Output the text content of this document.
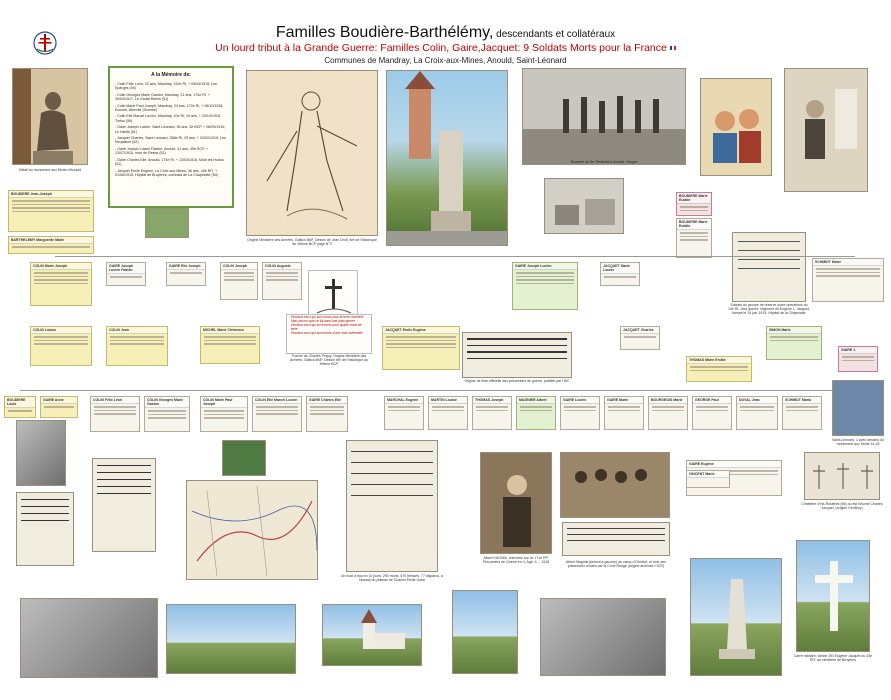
Familles Boudière-Barthélémy, descendants et collatéraux
Un lourd tribut à la Grande Guerre: Familles Colin, Gaire,Jacquet: 9 Soldats Morts pour la France
Communes de Mandray, La Croix-aux-Mines, Anould, Saint-Léonard
Détail du monument aux Morts d'Anould
A la Mémoire de:
- Colin Félix Léon, 22 ans, Mandray, 152e RI, + 09/04/1915, Les Eparges (55)
- Colin Georges Marie Gaston, Mandray, 21 ans, 170e RI, + 30/04/1917, Le Godat Reims (51)
- Colin Marie Paul Joseph, Mandray, 24 ans, 172e RI, + 05/10/1918, Ecuires, Abeville (Somme)
- Colin Elie Marcel Lucien, Mandray, 10e RI, 19 ans, + 20/10/1918, Torfou (59)
- Gaire Joseph Lucien, Saint Leonard, 36 ans, 3e BCP, + 06/09/1915, Le Hartla (51)
- Jacquet Charles, Saint Leonard, 358e RI, 29 ans, + 02/02/1915, Les Neuplaine (62)
- Gaire Joseph Lucien Fabien, Anould, 41 ans, 49e RCP, + 13/07/1915, mort de Reims (52)
- Gaire Charles Elie, Anould, 174e RI, + 13/03/1915, Mold les Hurlus (51)
- Jacquet Emile Eugène, La Croix aux Mines, 36 ans, 43e RIT, + 21/06/1915, Hôpital de Bruyères, combats de La Chapelotte (54)
Origine Ministère des Armées, Gallica BNF, Dessin de Jean Droit, tiré de l'historique du 49ème BCP page N°3
Souvenir du 3e Territorial à Anould, Vosges
BOUDIERE Jean-Joseph
BARTHELEMY Marguerite Marie
BOUDIERE Marie Eulalie
BOUDIERE Marie Eulalie
Soldats du groupe de réserve ordre opérations du 10e RI, 1ère guerre, régiment de Eugène L. Jacquet, blessé le 14 juin 1915, Hôpital de la Chapelotte
SCHMIDT Marie
COLIN Marie Joseph	COLIN Joseph	COLIN Auguste	GAIRE Joseph Lucien
Heureux ceux qui sont morts pour la terre charnelle
Mais pourvu que ce fût dans une juste guerre
Heureux ceux qui sont morts pour quatre coins de terre
Heureux ceux qui sont morts d'une mort solennelle
Poème de Charles Péguy. Origine Ministère des Armées. Gallica BNF. Dessin tiré de l'historique du 49ème BCP
JACQUET Emile Eugène
Origine de liste officielle des prisonniers de guerre, publiée par l'ISC
COLIN Louise	COLIN Jean	MICHEL Marie Clémence
THOMAS Marie Emilie
SIMON Marie
GAIRE J.
BOUDIERE Louis
GAIRE Anne	COLIN Félix Léon	COLIN Georges Marie Gaston
COLIN Marie Paul Joseph
COLIN Elie Marcel Lucien	GAIRE Charles Elie	MARCHAL Eugène	MARTIN Louise	THOMAS Joseph	MAGNIER Albert	GAIRE Lucien	GAIRE Marie	BOURGEOIS Marie	GEORGE Paul	DUVAL Jean
Saint-Léonard, 1 avec dessins du monument aux Morts 14-18
Un bout d'eau en 10 jours, 290 morts, 670 blessés. 77 disparus, à l'assaut du plateau de Charles Emile Gaire
Albert KAGNIA, cherchez sur ce 171e RP, Prisonniers de Guerre en 4, Age: 4 ... 1918	Albert Magnier(debout à gauche) au camp d'Ohrdruf, et trois des prisonniers choisis par la Croix Rouge (origine archives CICR)
GAIRE Eugène
VINCENT Marie
Cimetière d'Ha-Rosières (56) où est inhumé Charles Jacquet, (origine Geoffroy)
Carré militaire, tombe 294 Eugène Jacquet du 43e RIT, au cimetière de Bruyères
GAIRE Elie Joseph	JACQUET Marie Louise
JACQUET Charles
GAIRE Joseph Lucien Fabien
SCHMIDT Maria
